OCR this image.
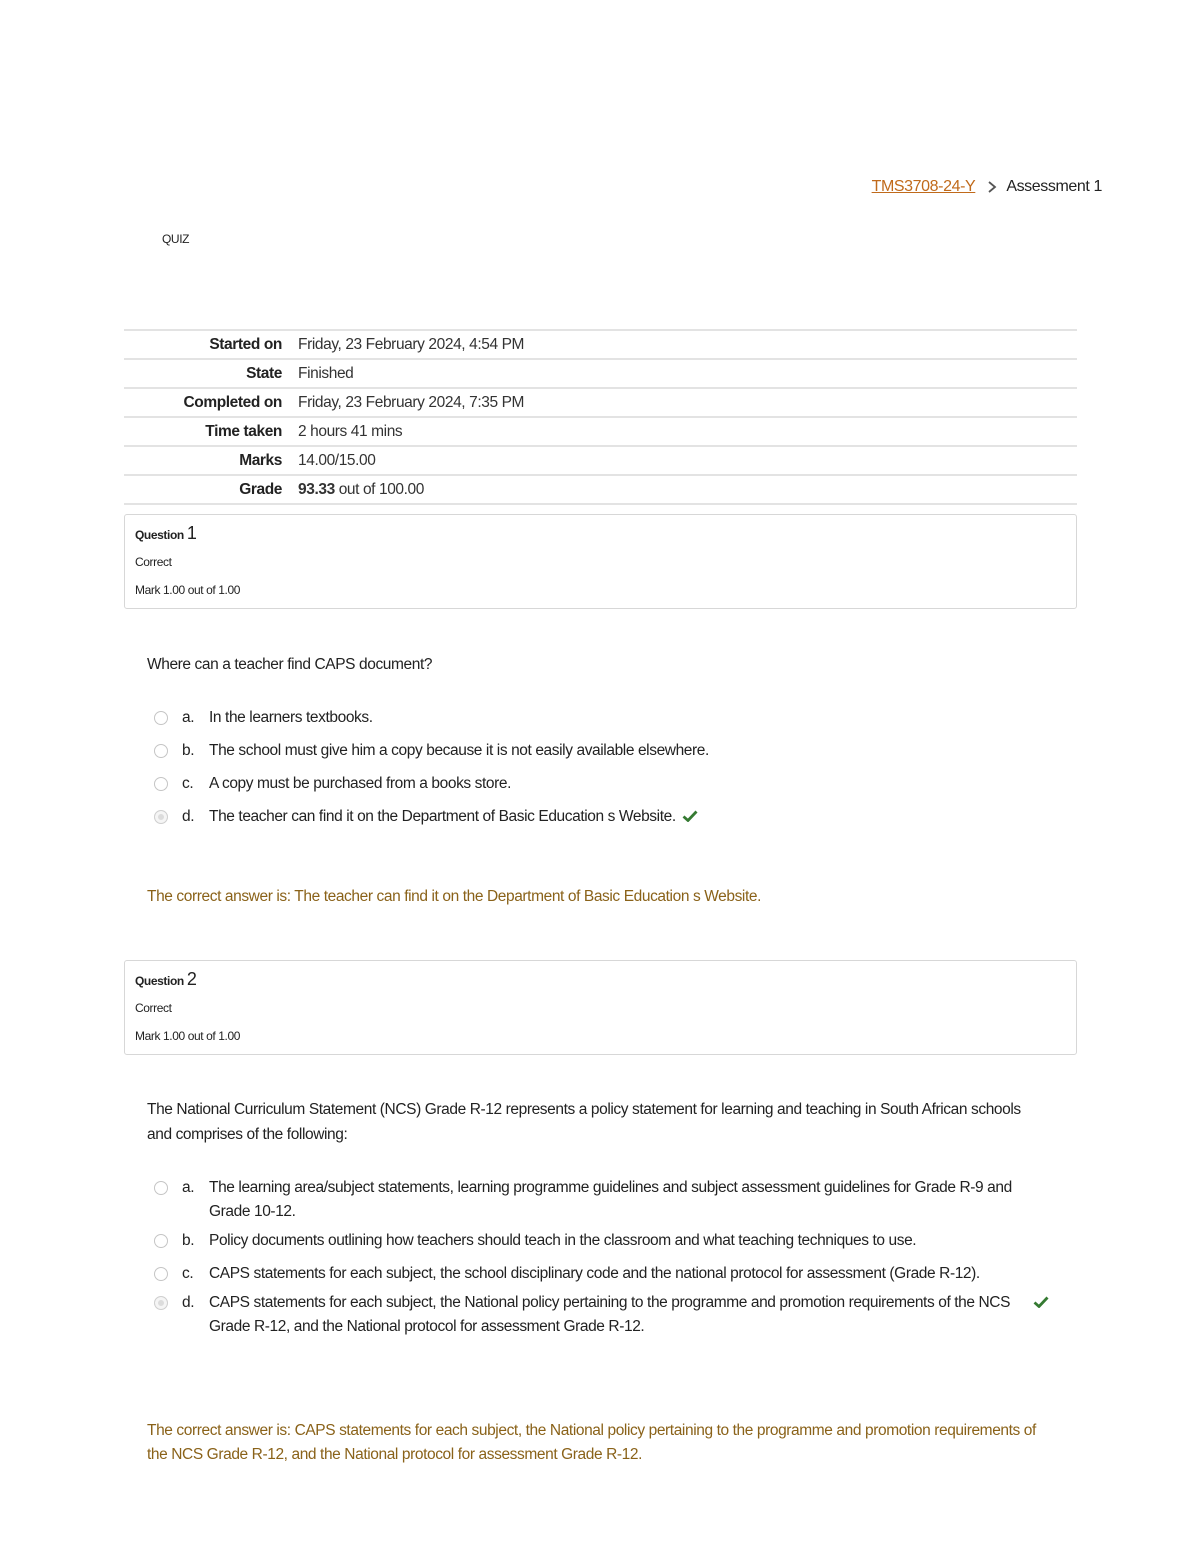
TMS3708-24-Y Assessment 1
QUIZ
Started on	Friday, 23 February 2024, 4:54 PM
State	Finished
Completed on	Friday, 23 February 2024, 7:35 PM
Time taken	2 hours 41 mins
Marks	14.00/15.00
Grade	93.33 out of 100.00
Question 1
Correct
Mark 1.00 out of 1.00
Where can a teacher find CAPS document?
a. In the learners textbooks.
b. The school must give him a copy because it is not easily available elsewhere.
c.	A copy must be purchased from a books store.
d. The teacher can find it on the Department of Basic Education s Website.
The correct answer is: The teacher can find it on the Department of Basic Education s Website.
Question 2
Correct
Mark 1.00 out of 1.00
The National Curriculum Statement (NCS) Grade R-12 represents a policy statement for learning and teaching in South African schools and comprises of the following:
a. The learning area/subject statements, learning programme guidelines and subject assessment guidelines for Grade R-9 and Grade 10-12.
b. Policy documents outlining how teachers should teach in the classroom and what teaching techniques to use.
c.	CAPS statements for each subject, the school disciplinary code and the national protocol for assessment (Grade R-12).
d. CAPS statements for each subject, the National policy pertaining to the programme and promotion requirements of the NCS Grade R-12, and the National protocol for assessment Grade R-12.
The correct answer is: CAPS statements for each subject, the National policy pertaining to the programme and promotion requirements of the NCS Grade R-12, and the National protocol for assessment Grade R-12.
